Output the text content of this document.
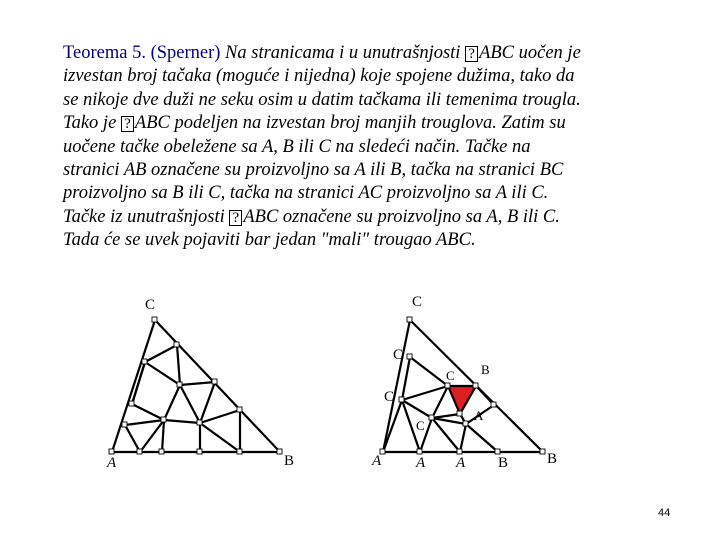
Teorema 5. (Sperner) Na stranicama i u unutrašnjosti ? ABC uočen je
izvestan broj tačaka (moguće i nijedna) koje spojene dužima, tako da
se nikoje dve duži ne seku osim u datim tačkama ili temenima trougla.
Tako je ? ABC podeljen na izvestan broj manjih trouglova. Zatim su
uočene tačke obeležene sa A, B ili C na sledeći način. Tačke na
stranici AB označene su proizvoljno sa A ili B, tačka na stranici BC
proizvoljno sa B ili C, tačka na stranici AC proizvoljno sa A ili C.
Tačke iz unutrašnjosti ? ABC označene su proizvoljno sa A, B ili C.
Tada će se uvek pojaviti bar jedan "mali" trougao ABC.
C
A	B
C
C
C B
C
C
A
A A A B	B
44
